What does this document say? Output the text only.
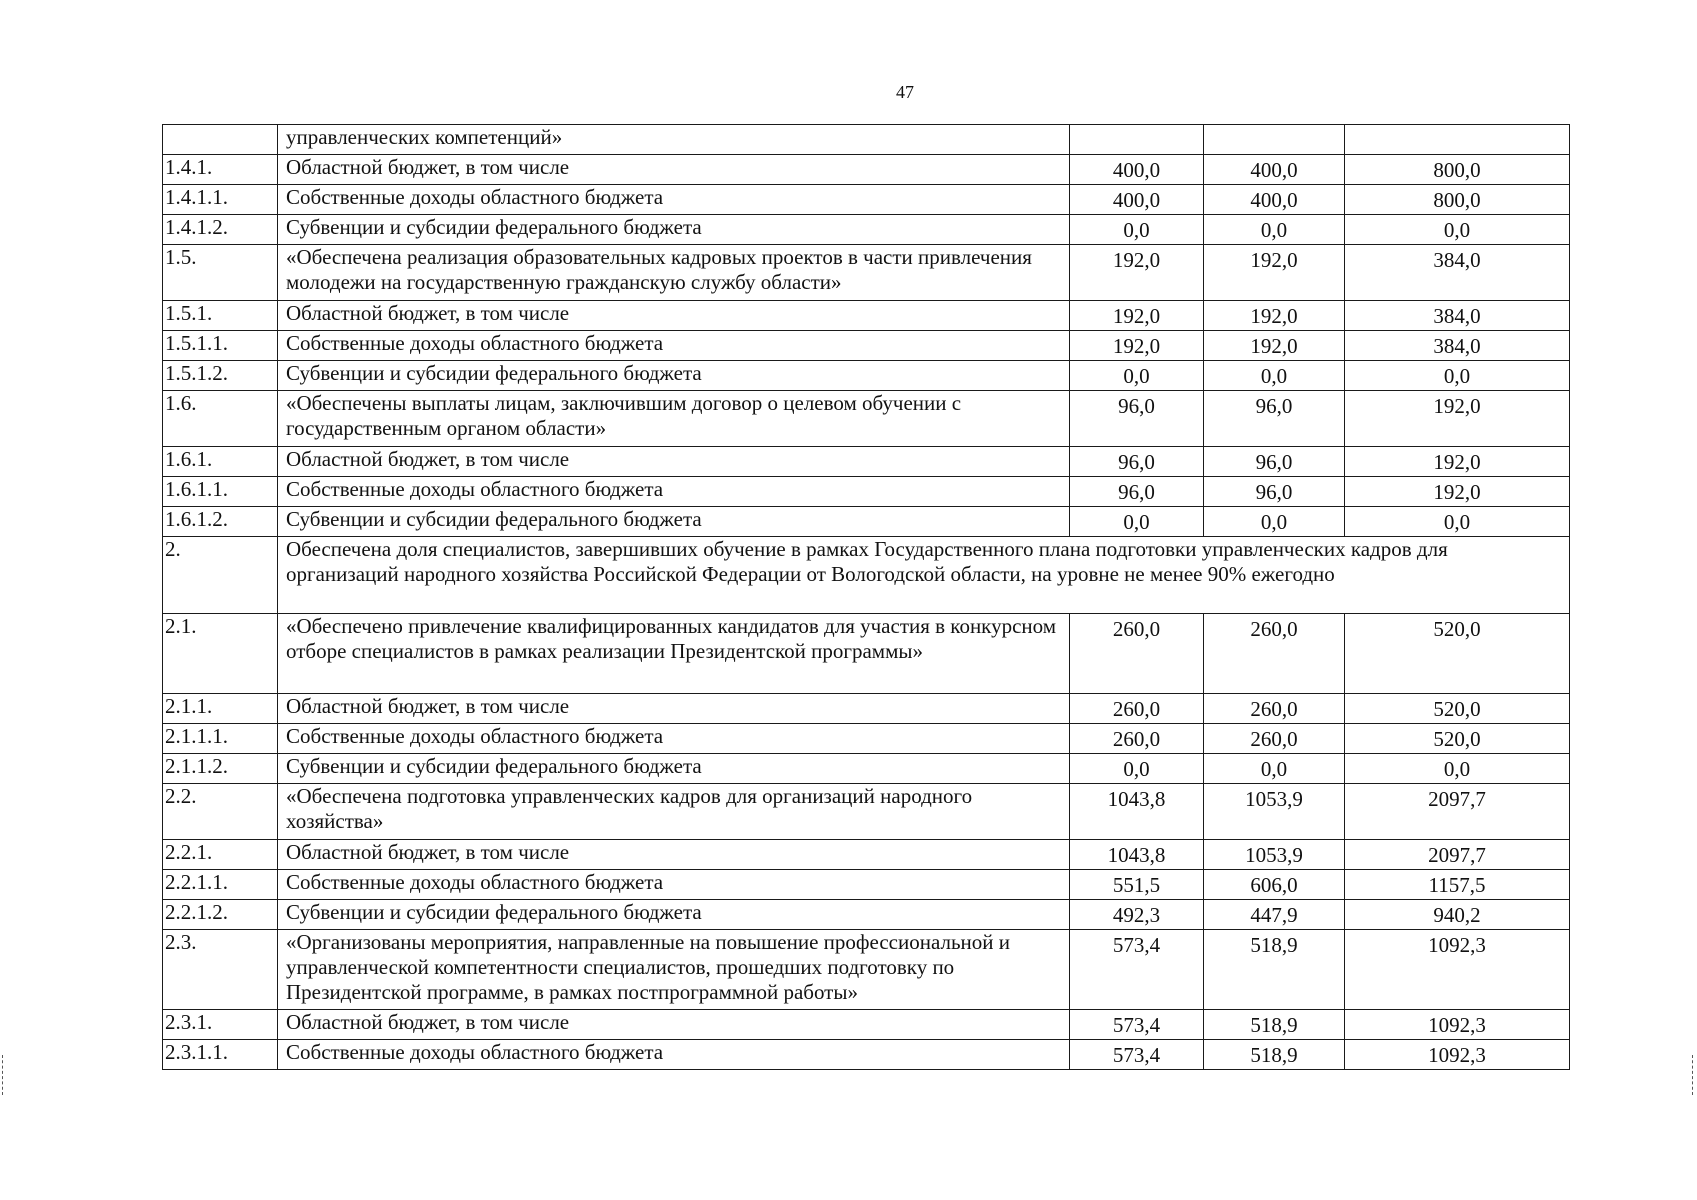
47
	управленческих компетенций»			
1.4.1.	Областной бюджет, в том числе	400,0	400,0	800,0
1.4.1.1.	Собственные доходы областного бюджета	400,0	400,0	800,0
1.4.1.2.	Субвенции и субсидии федерального бюджета	0,0	0,0	0,0
1.5.	«Обеспечена реализация образовательных кадровых проектов в части привлечения молодежи на государственную гражданскую службу области»	192,0	192,0	384,0
1.5.1.	Областной бюджет, в том числе	192,0	192,0	384,0
1.5.1.1.	Собственные доходы областного бюджета	192,0	192,0	384,0
1.5.1.2.	Субвенции и субсидии федерального бюджета	0,0	0,0	0,0
1.6.	«Обеспечены выплаты лицам, заключившим договор о целевом обучении с государственным органом области»	96,0	96,0	192,0
1.6.1.	Областной бюджет, в том числе	96,0	96,0	192,0
1.6.1.1.	Собственные доходы областного бюджета	96,0	96,0	192,0
1.6.1.2.	Субвенции и субсидии федерального бюджета	0,0	0,0	0,0
2.	Обеспечена доля специалистов, завершивших обучение в рамках Государственного плана подготовки управленческих кадров для организаций народного хозяйства Российской Федерации от Вологодской области, на уровне не менее 90% ежегодно			
2.1.	«Обеспечено привлечение квалифицированных кандидатов для участия в конкурсном отборе специалистов в рамках реализации Президентской программы»	260,0	260,0	520,0
2.1.1.	Областной бюджет, в том числе	260,0	260,0	520,0
2.1.1.1.	Собственные доходы областного бюджета	260,0	260,0	520,0
2.1.1.2.	Субвенции и субсидии федерального бюджета	0,0	0,0	0,0
2.2.	«Обеспечена подготовка управленческих кадров для организаций народного хозяйства»	1043,8	1053,9	2097,7
2.2.1.	Областной бюджет, в том числе	1043,8	1053,9	2097,7
2.2.1.1.	Собственные доходы областного бюджета	551,5	606,0	1157,5
2.2.1.2.	Субвенции и субсидии федерального бюджета	492,3	447,9	940,2
2.3.	«Организованы мероприятия, направленные на повышение профессиональной и управленческой компетентности специалистов, прошедших подготовку по Президентской программе, в рамках постпрограммной работы»	573,4	518,9	1092,3
2.3.1.	Областной бюджет, в том числе	573,4	518,9	1092,3
2.3.1.1.	Собственные доходы областного бюджета	573,4	518,9	1092,3
